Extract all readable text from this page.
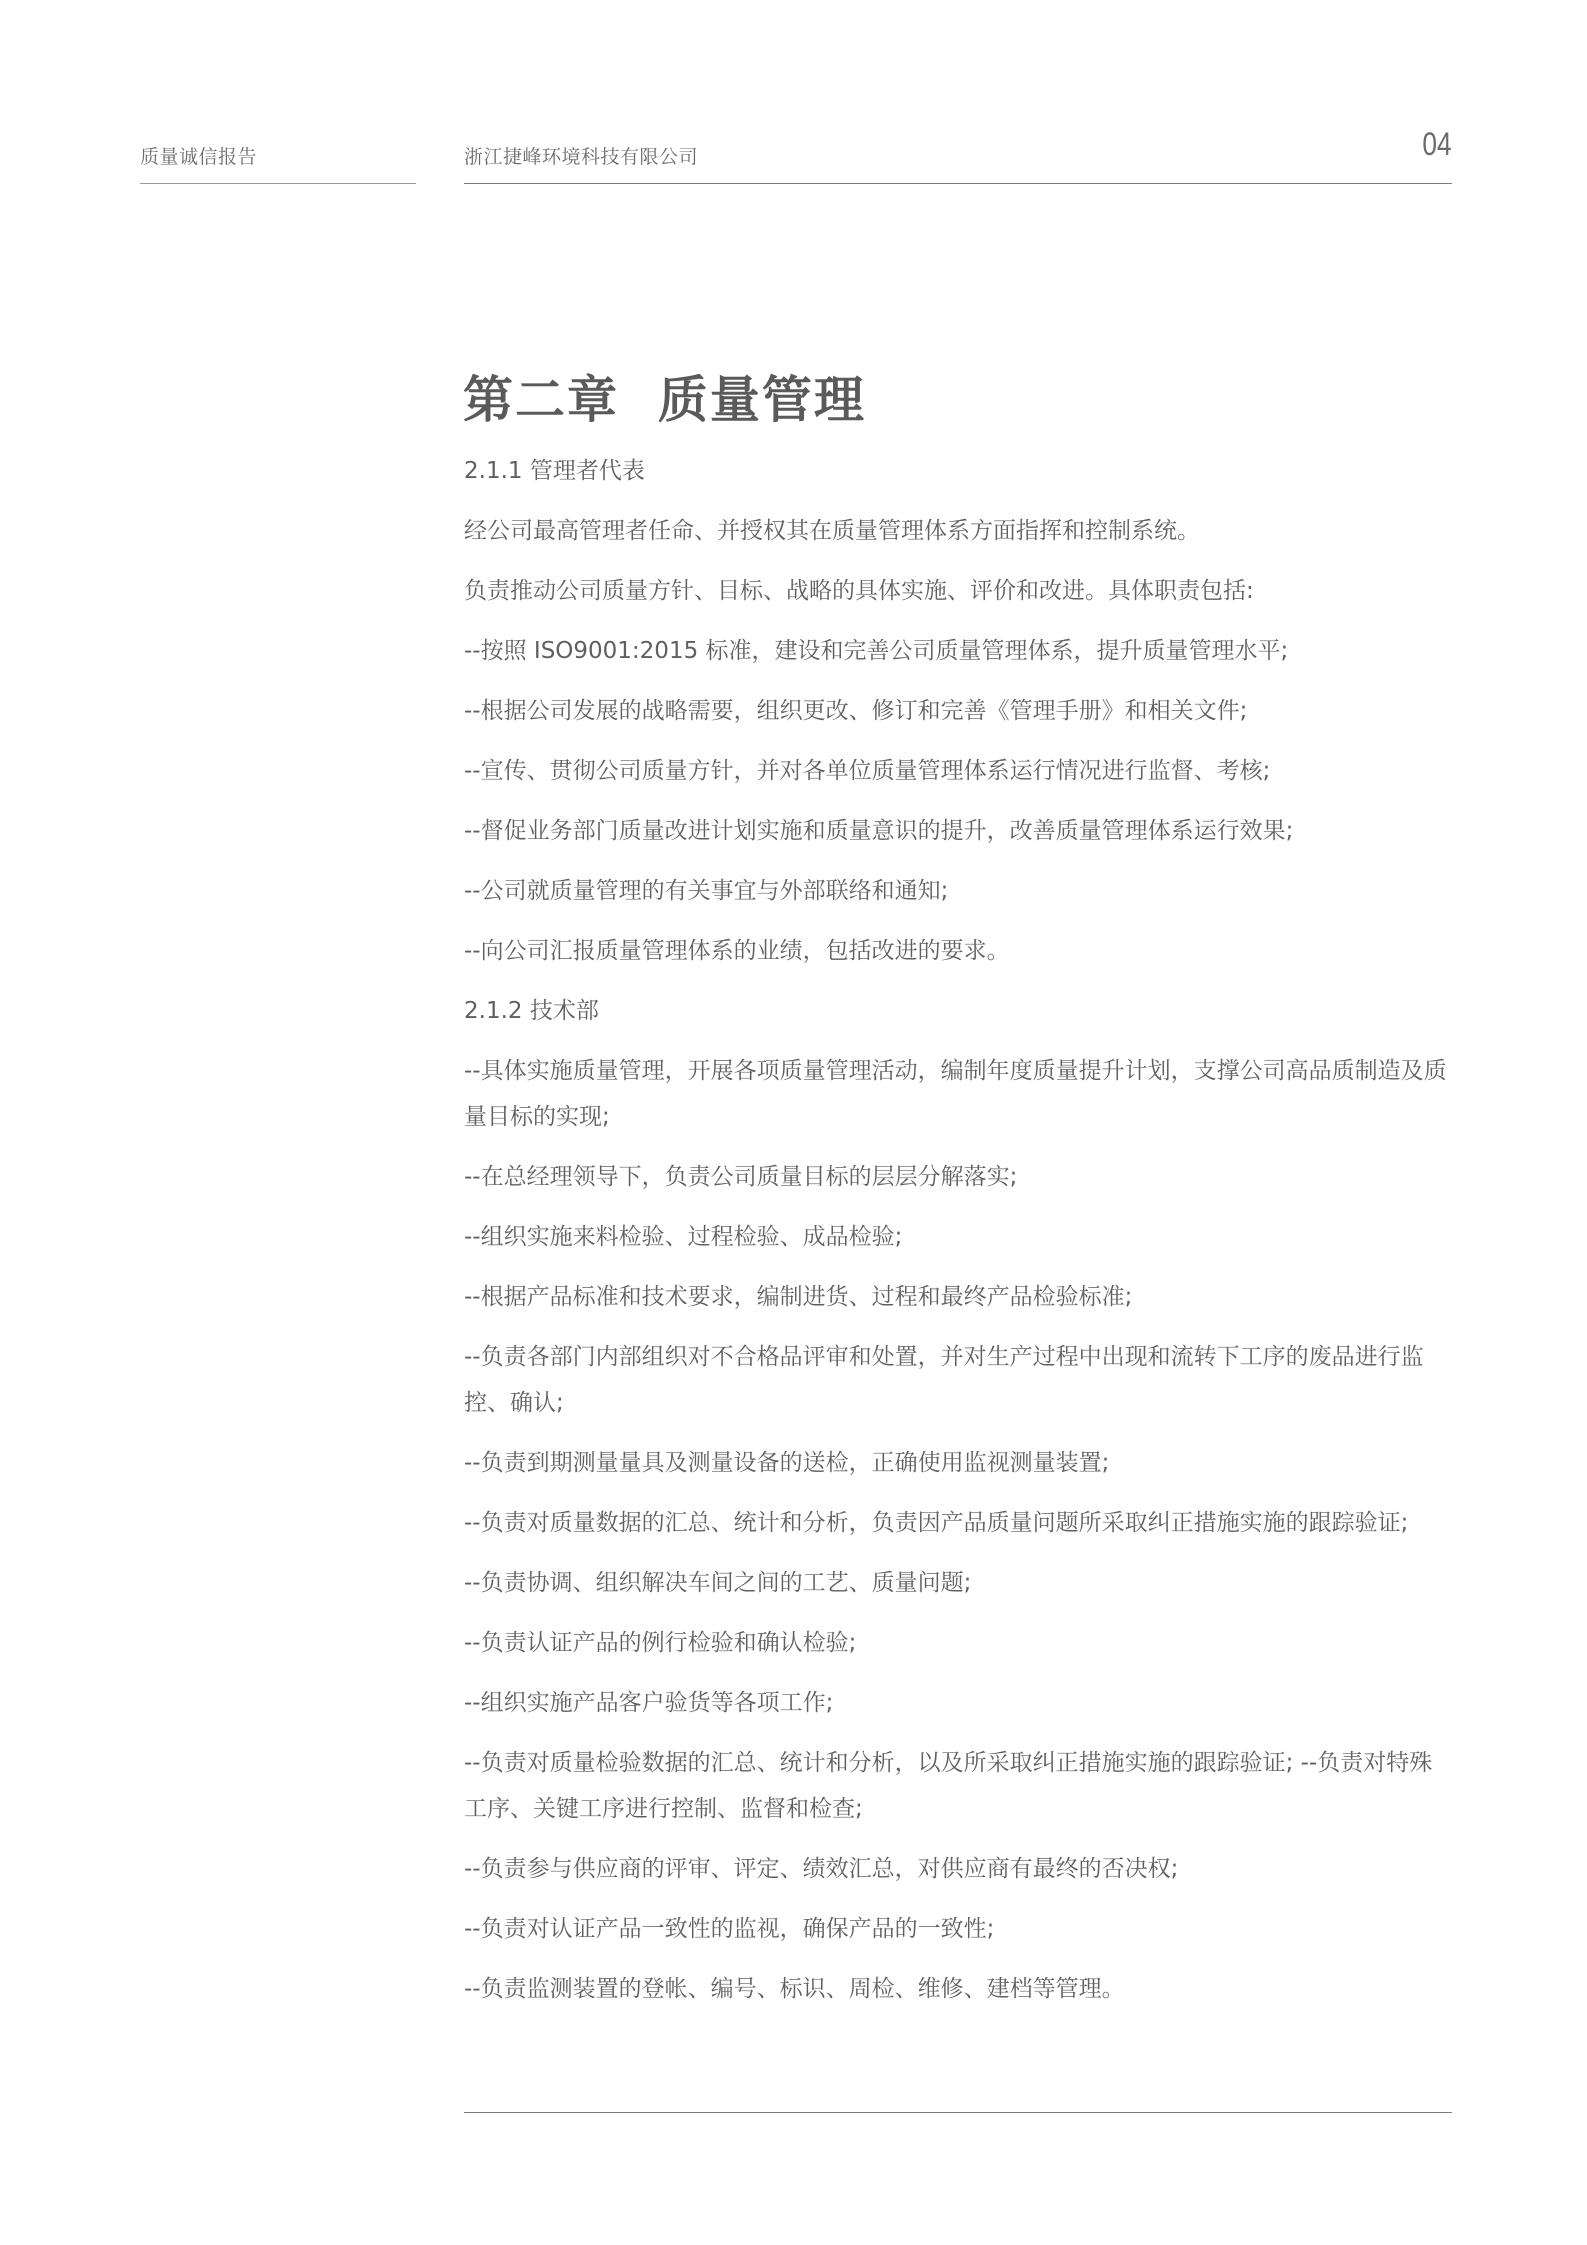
质量诚信报告	浙江捷峰环境科技有限公司	04
第二章  质量管理

2.1.1 管理者代表

经公司最高管理者任命、并授权其在质量管理体系方面指挥和控制系统。

负责推动公司质量方针、目标、战略的具体实施、评价和改进。具体职责包括:

--按照 ISO9001:2015 标准，建设和完善公司质量管理体系，提升质量管理水平;

--根据公司发展的战略需要，组织更改、修订和完善《管理手册》和相关文件;

--宣传、贯彻公司质量方针，并对各单位质量管理体系运行情况进行监督、考核;

--督促业务部门质量改进计划实施和质量意识的提升，改善质量管理体系运行效果;

--公司就质量管理的有关事宜与外部联络和通知;

--向公司汇报质量管理体系的业绩，包括改进的要求。

2.1.2 技术部

--具体实施质量管理，开展各项质量管理活动，编制年度质量提升计划，支撑公司高品质制造及质量目标的实现;

--在总经理领导下，负责公司质量目标的层层分解落实;

--组织实施来料检验、过程检验、成品检验;

--根据产品标准和技术要求，编制进货、过程和最终产品检验标准;

--负责各部门内部组织对不合格品评审和处置，并对生产过程中出现和流转下工序的废品进行监控、确认;

--负责到期测量量具及测量设备的送检，正确使用监视测量装置;

--负责对质量数据的汇总、统计和分析，负责因产品质量问题所采取纠正措施实施的跟踪验证;

--负责协调、组织解决车间之间的工艺、质量问题;

--负责认证产品的例行检验和确认检验;

--组织实施产品客户验货等各项工作;

--负责对质量检验数据的汇总、统计和分析，以及所采取纠正措施实施的跟踪验证; --负责对特殊工序、关键工序进行控制、监督和检查;

--负责参与供应商的评审、评定、绩效汇总，对供应商有最终的否决权;

--负责对认证产品一致性的监视，确保产品的一致性;

--负责监测装置的登帐、编号、标识、周检、维修、建档等管理。
